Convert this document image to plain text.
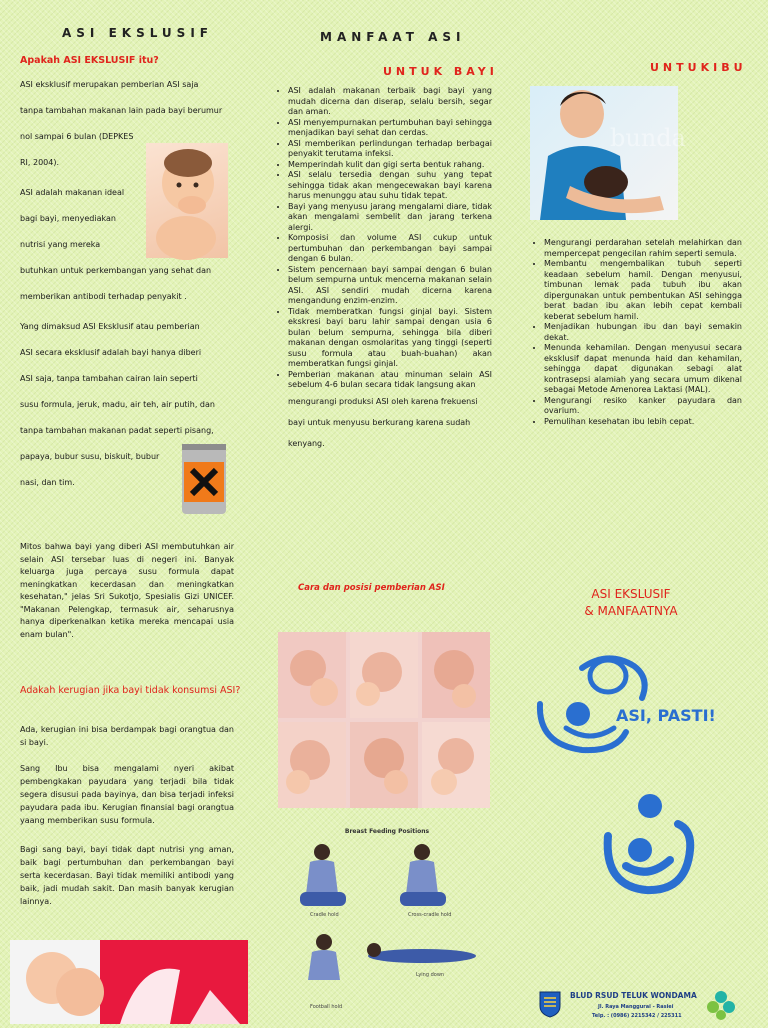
ASI EKSLUSIF
Apakah ASI EKSLUSIF itu?

ASI eksklusif merupakan pemberian ASI saja

tanpa tambahan makanan lain pada bayi berumur

nol sampai 6 bulan (DEPKES

RI, 2004).

ASI adalah makanan ideal

bagi bayi, menyediakan

nutrisi yang mereka

butuhkan untuk perkembangan yang sehat dan

memberikan antibodi terhadap penyakit .

Yang dimaksud ASI Eksklusif atau pemberian

ASI secara eksklusif adalah bayi hanya diberi

ASI saja, tanpa tambahan cairan lain seperti

susu formula, jeruk, madu, air teh, air putih, dan

tanpa tambahan makanan padat seperti pisang,

papaya, bubur susu, biskuit, bubur

nasi, dan tim.

Mitos bahwa bayi yang diberi ASI membutuhkan air selain ASI tersebar luas di negeri ini. Banyak keluarga juga percaya susu formula dapat meningkatkan kecerdasan dan meningkatkan kesehatan," jelas Sri Sukotjo, Spesialis Gizi UNICEF. "Makanan Pelengkap, termasuk air, seharusnya hanya diperkenalkan ketika mereka mencapai usia enam bulan".
Adakah kerugian jika bayi tidak konsumsi ASI?
Ada, kerugian ini bisa berdampak bagi orangtua dan si bayi.
Sang Ibu bisa mengalami nyeri akibat pembengkakan payudara yang terjadi bila tidak segera disusui pada bayinya, dan bisa terjadi infeksi payudara pada ibu. Kerugian finansial bagi orangtua yaang memberikan susu formula.
Bagi sang bayi, bayi tidak dapt nutrisi yng aman, baik bagi pertumbuhan dan perkembangan bayi serta kecerdasan. Bayi tidak memiliki antibodi yang baik, jadi mudah sakit. Dan masih banyak kerugian lainnya.
MANFAAT ASI
UNTUK BAYI
• ASI adalah makanan terbaik bagi bayi yang mudah dicerna dan diserap, selalu bersih, segar dan aman.
• ASI menyempurnakan pertumbuhan bayi sehingga menjadikan bayi sehat dan cerdas.
• ASI memberikan perlindungan terhadap berbagai penyakit terutama infeksi.
• Memperindah kulit dan gigi serta bentuk rahang.
• ASI selalu tersedia dengan suhu yang tepat sehingga tidak akan mengecewakan bayi karena harus menunggu atau suhu tidak tepat.
• Bayi yang menyusu jarang mengalami diare, tidak akan mengalami sembelit dan jarang terkena alergi.
• Komposisi dan volume ASI cukup untuk pertumbuhan dan perkembangan bayi sampai dengan 6 bulan.
• Sistem pencernaan bayi sampai dengan 6 bulan belum sempurna untuk mencerna makanan selain ASI. ASI sendiri mudah dicerna karena mengandung enzim-enzim.
• Tidak memberatkan fungsi ginjal bayi. Sistem ekskresi bayi baru lahir sampai dengan usia 6 bulan belum sempurna, sehingga bila diberi makanan dengan osmolaritas yang tinggi (seperti susu formula atau buah-buahan) akan memberatkan fungsi ginjal.
• Pemberian makanan atau minuman selain ASI sebelum 4-6 bulan secara tidak langsung akan
mengurangi produksi ASI oleh karena frekuensi
bayi untuk menyusu berkurang karena sudah
kenyang.
Cara dan posisi pemberian ASI
Breast Feeding Positions
Cradle hold	Cross-cradle hold
Football hold
Lying down
UNTUKIBU
bunda
• Mengurangi perdarahan setelah melahirkan dan mempercepat pengecilan rahim seperti semula.
• Membantu mengembalikan tubuh seperti keadaan sebelum hamil. Dengan menyusui, timbunan lemak pada tubuh ibu akan dipergunakan untuk pembentukan ASI sehingga berat badan ibu akan lebih cepat kembali keberat sebelum hamil.
• Menjadikan hubungan ibu dan bayi semakin dekat.
• Menunda kehamilan. Dengan menyusui secara eksklusif dapat menunda haid dan kehamilan, sehingga dapat digunakan sebagi alat kontrasepsi alamiah yang secara umum dikenal sebagai Metode Amenorea Laktasi (MAL).
• Mengurangi resiko kanker payudara dan ovarium.
• Pemulihan kesehatan ibu lebih cepat.
ASI EKSLUSIF
& MANFAATNYA
ASI, PASTI!
BLUD RSUD TELUK WONDAMA
Jl. Raya Manggurai - Rasiei
Telp. : (0986) 2215342 / 225311
